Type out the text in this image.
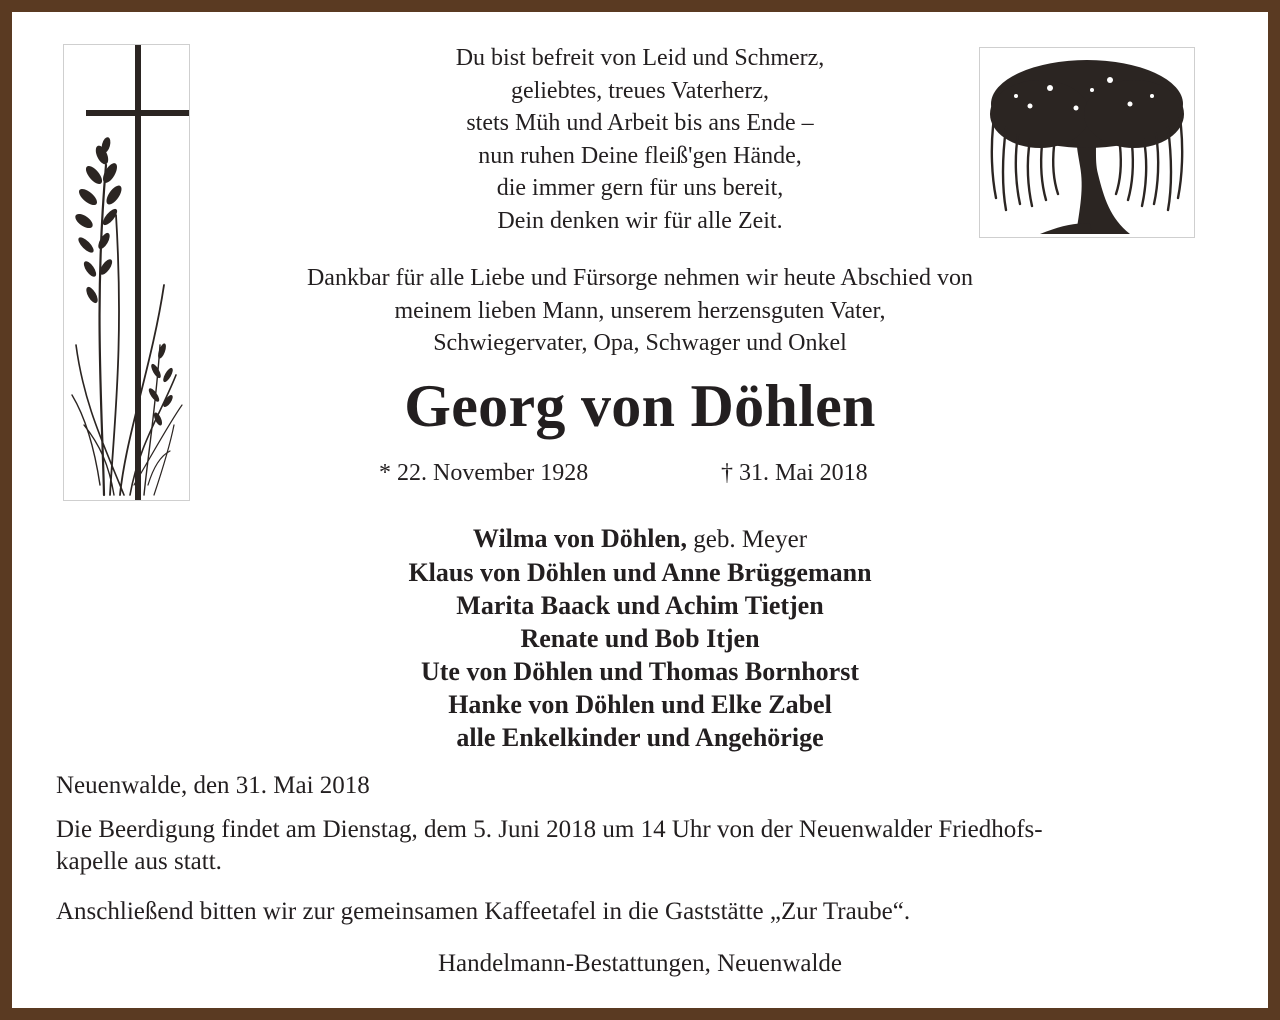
Du bist befreit von Leid und Schmerz,
geliebtes, treues Vaterherz,
stets Müh und Arbeit bis ans Ende –
nun ruhen Deine fleiß'gen Hände,
die immer gern für uns bereit,
Dein denken wir für alle Zeit.
Dankbar für alle Liebe und Fürsorge nehmen wir heute Abschied von
meinem lieben Mann, unserem herzensguten Vater,
Schwiegervater, Opa, Schwager und Onkel
Georg von Döhlen
* 22. November 1928	† 31. Mai 2018
Wilma von Döhlen, geb. Meyer
Klaus von Döhlen und Anne Brüggemann
Marita Baack und Achim Tietjen
Renate und Bob Itjen
Ute von Döhlen und Thomas Bornhorst
Hanke von Döhlen und Elke Zabel
alle Enkelkinder und Angehörige
Neuenwalde, den 31. Mai 2018
Die Beerdigung findet am Dienstag, dem 5. Juni 2018 um 14 Uhr von der Neuenwalder Friedhofs-
kapelle aus statt.
Anschließend bitten wir zur gemeinsamen Kaffeetafel in die Gaststätte „Zur Traube“.
Handelmann-Bestattungen, Neuenwalde
